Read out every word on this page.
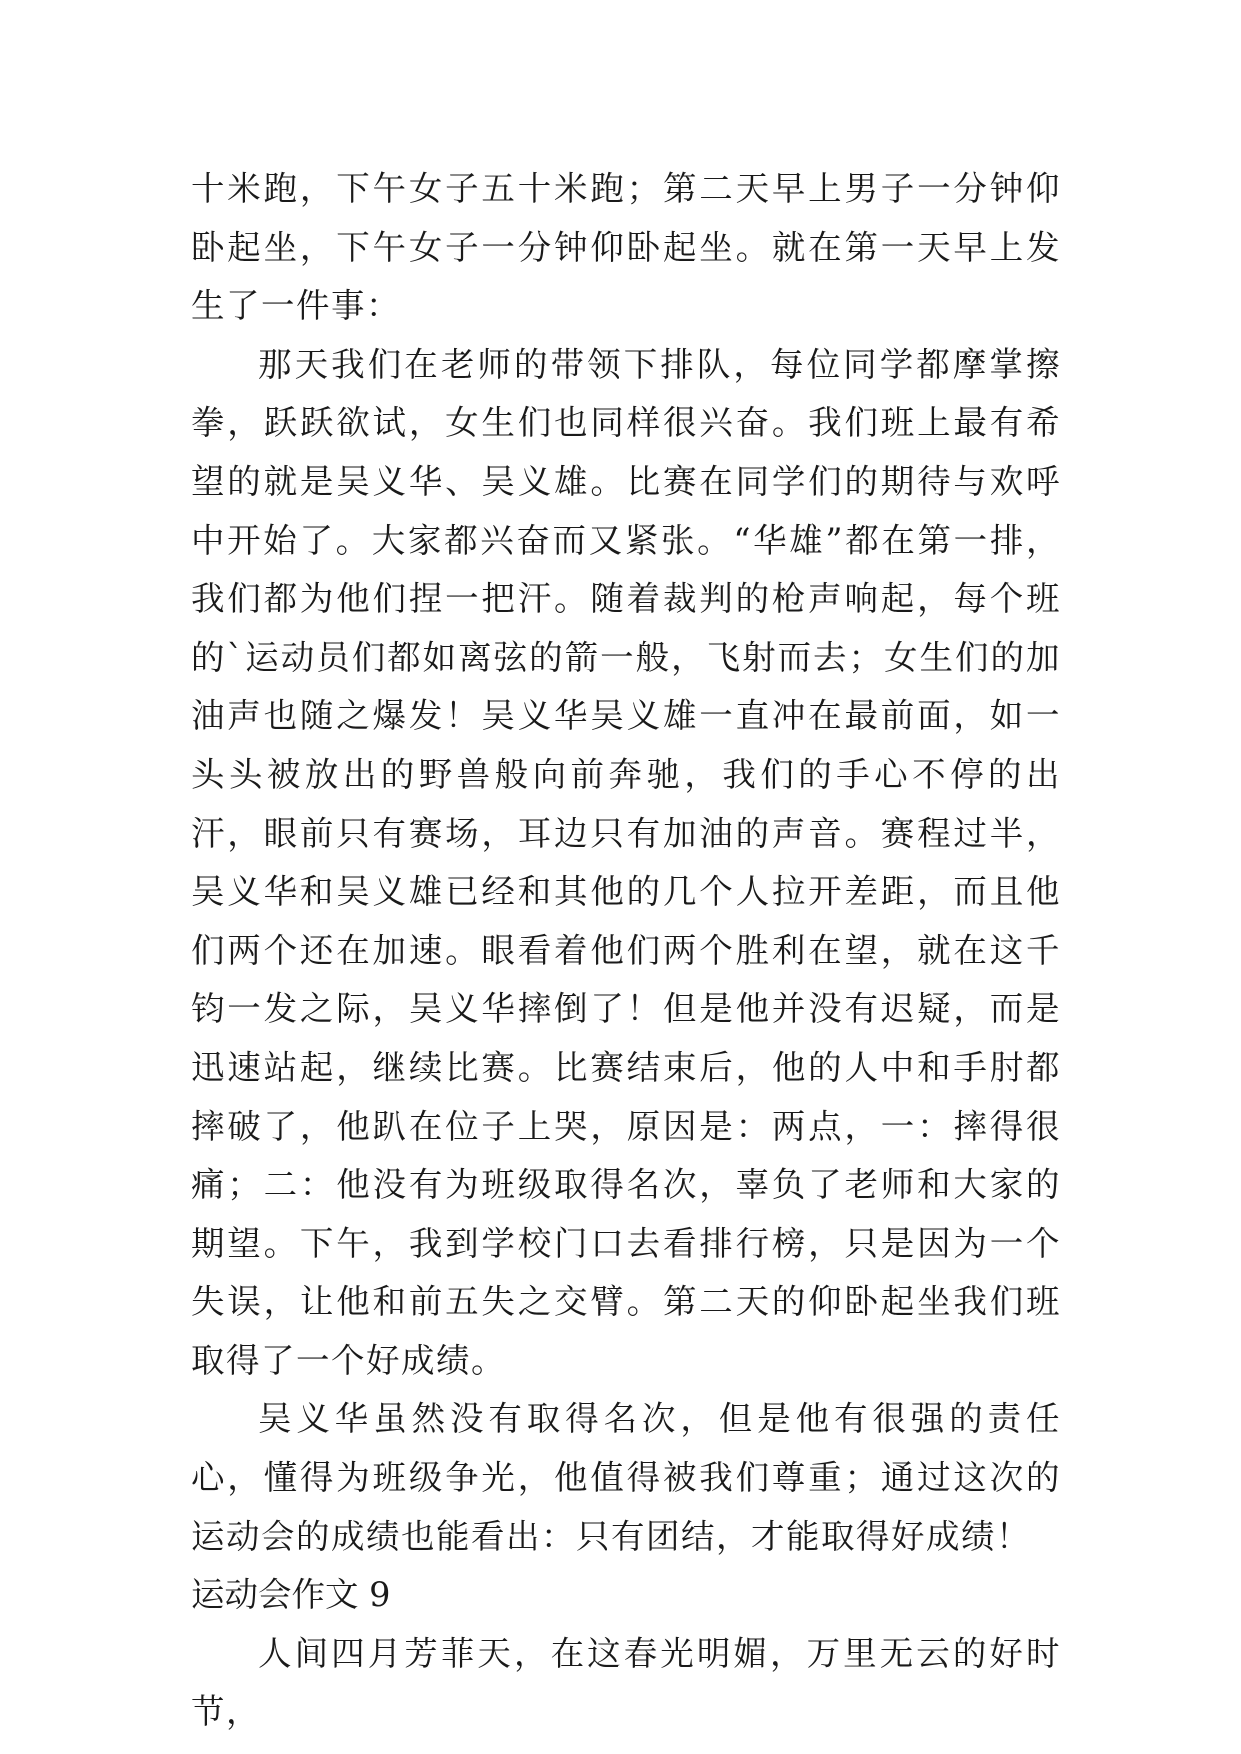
十米跑，下午女子五十米跑；第二天早上男子一分钟仰卧起坐，下午女子一分钟仰卧起坐。就在第一天早上发生了一件事：

那天我们在老师的带领下排队，每位同学都摩掌擦拳，跃跃欲试，女生们也同样很兴奋。我们班上最有希望的就是吴义华、吴义雄。比赛在同学们的期待与欢呼中开始了。大家都兴奋而又紧张。“华雄”都在第一排，我们都为他们捏一把汗。随着裁判的枪声响起，每个班的`运动员们都如离弦的箭一般，飞射而去；女生们的加油声也随之爆发！吴义华吴义雄一直冲在最前面，如一头头被放出的野兽般向前奔驰，我们的手心不停的出汗，眼前只有赛场，耳边只有加油的声音。赛程过半，吴义华和吴义雄已经和其他的几个人拉开差距，而且他们两个还在加速。眼看着他们两个胜利在望，就在这千钧一发之际，吴义华摔倒了！但是他并没有迟疑，而是迅速站起，继续比赛。比赛结束后，他的人中和手肘都摔破了，他趴在位子上哭，原因是：两点，一：摔得很痛；二：他没有为班级取得名次，辜负了老师和大家的期望。下午，我到学校门口去看排行榜，只是因为一个失误，让他和前五失之交臂。第二天的仰卧起坐我们班取得了一个好成绩。

吴义华虽然没有取得名次，但是他有很强的责任心，懂得为班级争光，他值得被我们尊重；通过这次的运动会的成绩也能看出：只有团结，才能取得好成绩！

运动会作文 9

人间四月芳菲天，在这春光明媚，万里无云的好时节，
